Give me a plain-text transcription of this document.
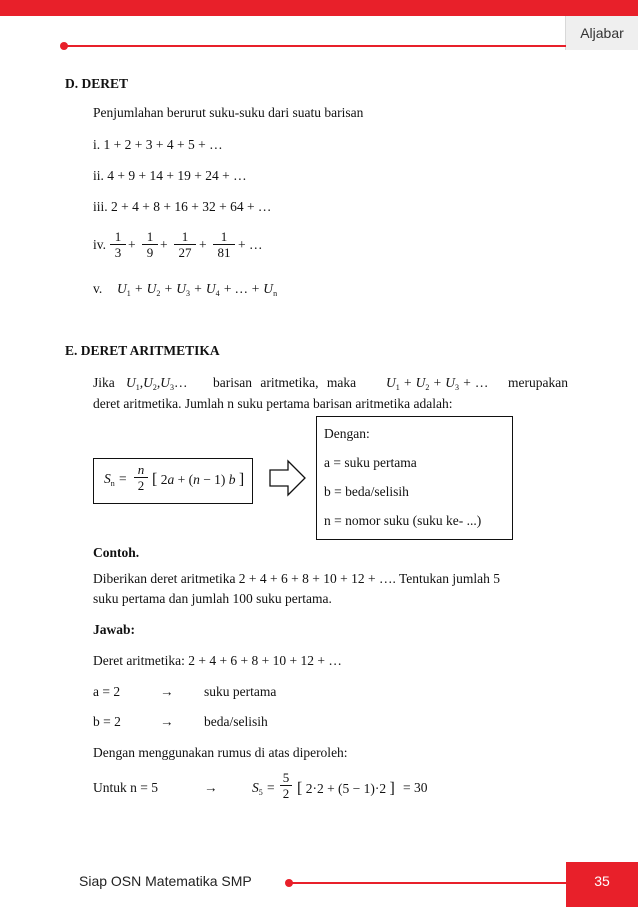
Aljabar
D. DERET
Penjumlahan berurut suku-suku dari suatu barisan
i. 1 + 2 + 3 + 4 + 5 + …
ii. 4 + 9 + 14 + 19 + 24 + …
iii. 2 + 4 + 8 + 16 + 32 + 64 + …
iv. $\frac{1}{3} + \frac{1}{9} + \frac{1}{27} + \frac{1}{81}$ + …
v. $U_1 + U_2 + U_3 + U_4$ + … + $U_n$
E. DERET ARITMETIKA
Jika $U_1,U_2,U_3\dots$ barisan aritmetika, maka $U_1 + U_2 + U_3$ + … merupakan
deret aritmetika. Jumlah n suku pertama barisan aritmetika adalah:
$S_n = \frac{n}{2}$ [ 2a + (n − 1) b ]
Dengan:
a = suku pertama
b = beda/selisih
n = nomor suku (suku ke- ...)
Contoh.
Diberikan deret aritmetika 2 + 4 + 6 + 8 + 10 + 12 + …. Tentukan jumlah 5
suku pertama dan jumlah 100 suku pertama.
Jawab:
Deret aritmetika: 2 + 4 + 6 + 8 + 10 + 12 + …
a = 2	→ suku pertama
b = 2	→ beda/selisih
Dengan menggunakan rumus di atas diperoleh:
Untuk n = 5	→	$S_5 = \frac{5}{2}$ [ 2·2 + (5 − 1)·2 ] = 30
Siap OSN Matematika SMP	35
